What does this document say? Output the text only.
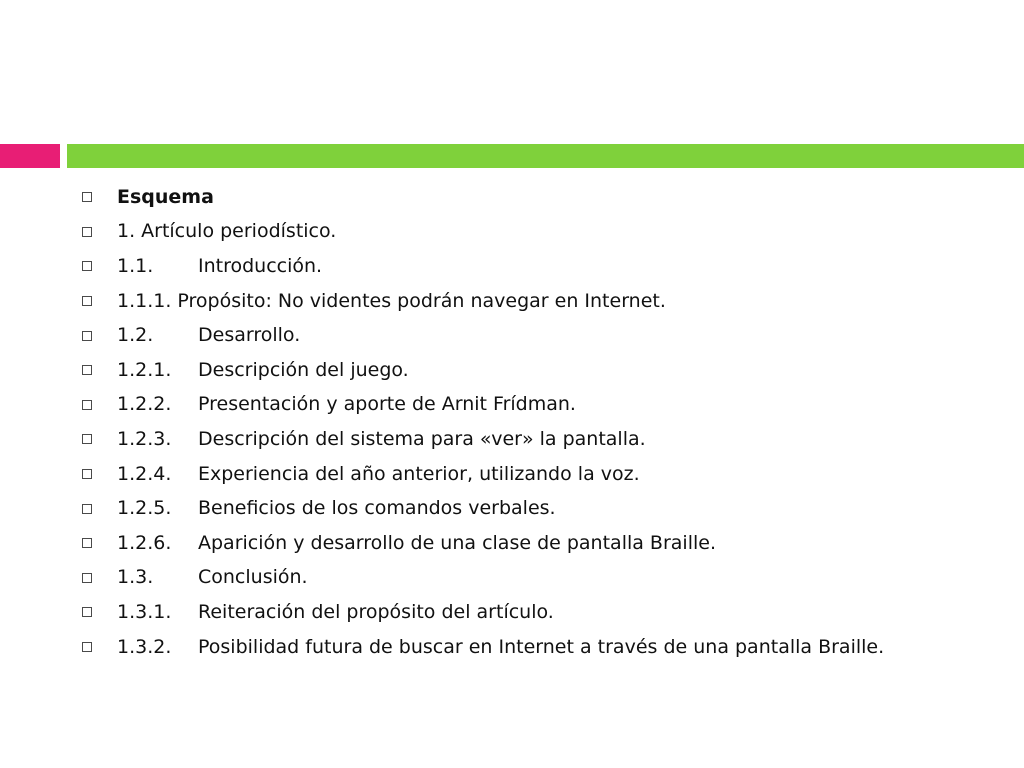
Esquema
1. Artículo periodístico.
1.1.	Introducción.
1.1.1. Propósito: No videntes podrán navegar en Internet.
1.2.	Desarrollo.
1.2.1.	Descripción del juego.
1.2.2.	Presentación y aporte de Arnit Frídman.
1.2.3.	Descripción del sistema para «ver» la pantalla.
1.2.4.	Experiencia del año anterior, utilizando la voz.
1.2.5.	Beneficios de los comandos verbales.
1.2.6.	Aparición y desarrollo de una clase de pantalla Braille.
1.3.	Conclusión.
1.3.1.	Reiteración del propósito del artículo.
1.3.2.	Posibilidad futura de buscar en Internet a través de una pantalla Braille.
